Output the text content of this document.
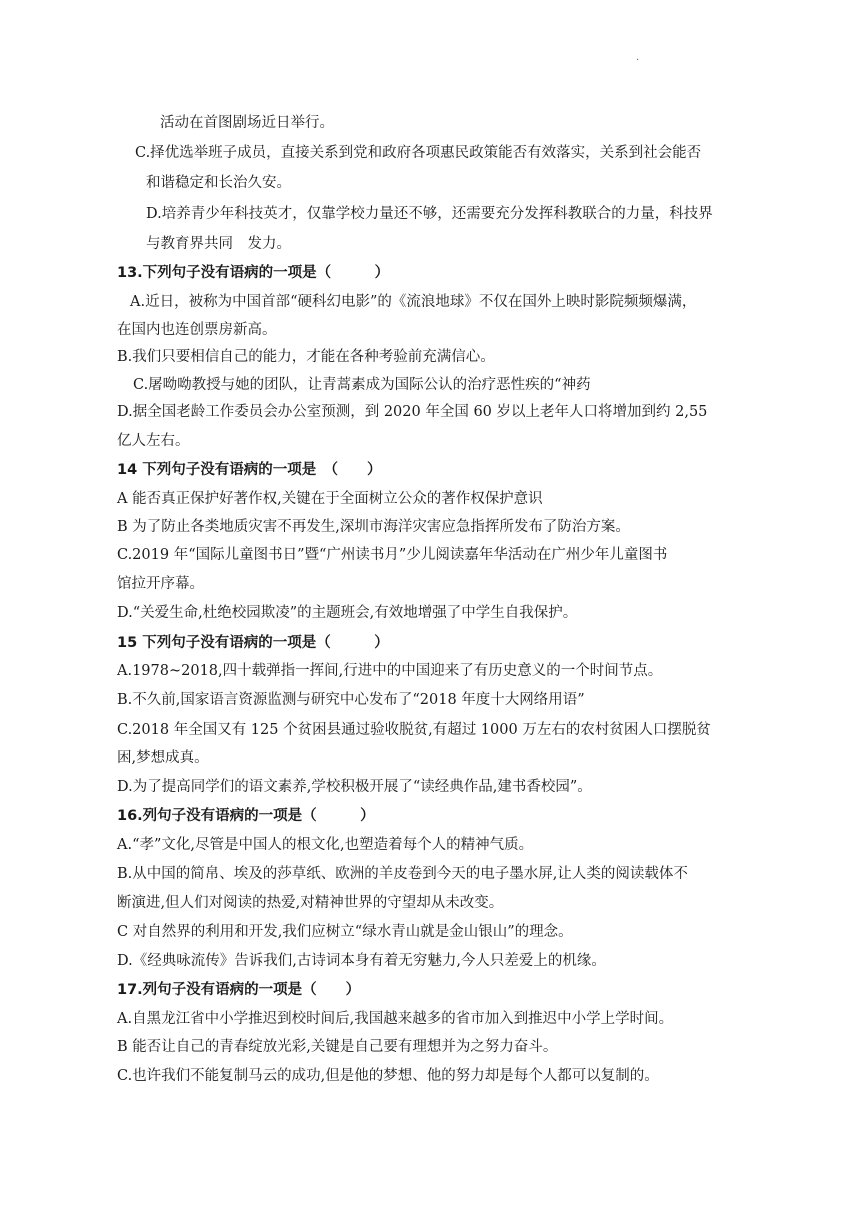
.
活动在首图剧场近日举行。
C.择优选举班子成员，直接关系到党和政府各项惠民政策能否有效落实，关系到社会能否
和谐稳定和长治久安。
D.培养青少年科技英才，仅靠学校力量还不够，还需要充分发挥科教联合的力量，科技界
与教育界共同　发力。
13.下列句子没有语病的一项是（　　　）
A.近日，被称为中国首部“硬科幻电影”的《流浪地球》不仅在国外上映时影院频频爆满，
在国内也连创票房新高。
B.我们只要相信自己的能力，才能在各种考验前充满信心。
C.屠呦呦教授与她的团队，让青蒿素成为国际公认的治疗恶性疾的“神药
D.据全国老龄工作委员会办公室预测，到 2020 年全国 60 岁以上老年人口将增加到约 2,55
亿人左右。
14 下列句子没有语病的一项是　（　　）
A 能否真正保护好著作权,关键在于全面树立公众的著作权保护意识
B 为了防止各类地质灾害不再发生,深圳市海洋灾害应急指挥所发布了防治方案。
C.2019 年“国际儿童图书日”暨“广州读书月”少儿阅读嘉年华活动在广州少年儿童图书
馆拉开序幕。
D.“关爱生命,杜绝校园欺凌”的主题班会,有效地增强了中学生自我保护。
15 下列句子没有语病的一项是（　　　）
A.1978~2018,四十载弹指一挥间,行进中的中国迎来了有历史意义的一个时间节点。
B.不久前,国家语言资源监测与研究中心发布了“2018 年度十大网络用语”
C.2018 年全国又有 125 个贫困县通过验收脱贫,有超过 1000 万左右的农村贫困人口摆脱贫
困,梦想成真。
D.为了提高同学们的语文素养,学校积极开展了“读经典作品,建书香校园”。
16.列句子没有语病的一项是（　　　）
A.“孝”文化,尽管是中国人的根文化,也塑造着每个人的精神气质。
B.从中国的简帛、埃及的莎草纸、欧洲的羊皮卷到今天的电子墨水屏,让人类的阅读载体不
断演进,但人们对阅读的热爱,对精神世界的守望却从未改变。
C 对自然界的利用和开发,我们应树立“绿水青山就是金山银山”的理念。
D.《经典咏流传》告诉我们,古诗词本身有着无穷魅力,今人只差爱上的机缘。
17.列句子没有语病的一项是（　　）
A.自黑龙江省中小学推迟到校时间后,我国越来越多的省市加入到推迟中小学上学时间。
B 能否让自己的青春绽放光彩,关键是自己要有理想并为之努力奋斗。
C.也许我们不能复制马云的成功,但是他的梦想、他的努力却是每个人都可以复制的。
